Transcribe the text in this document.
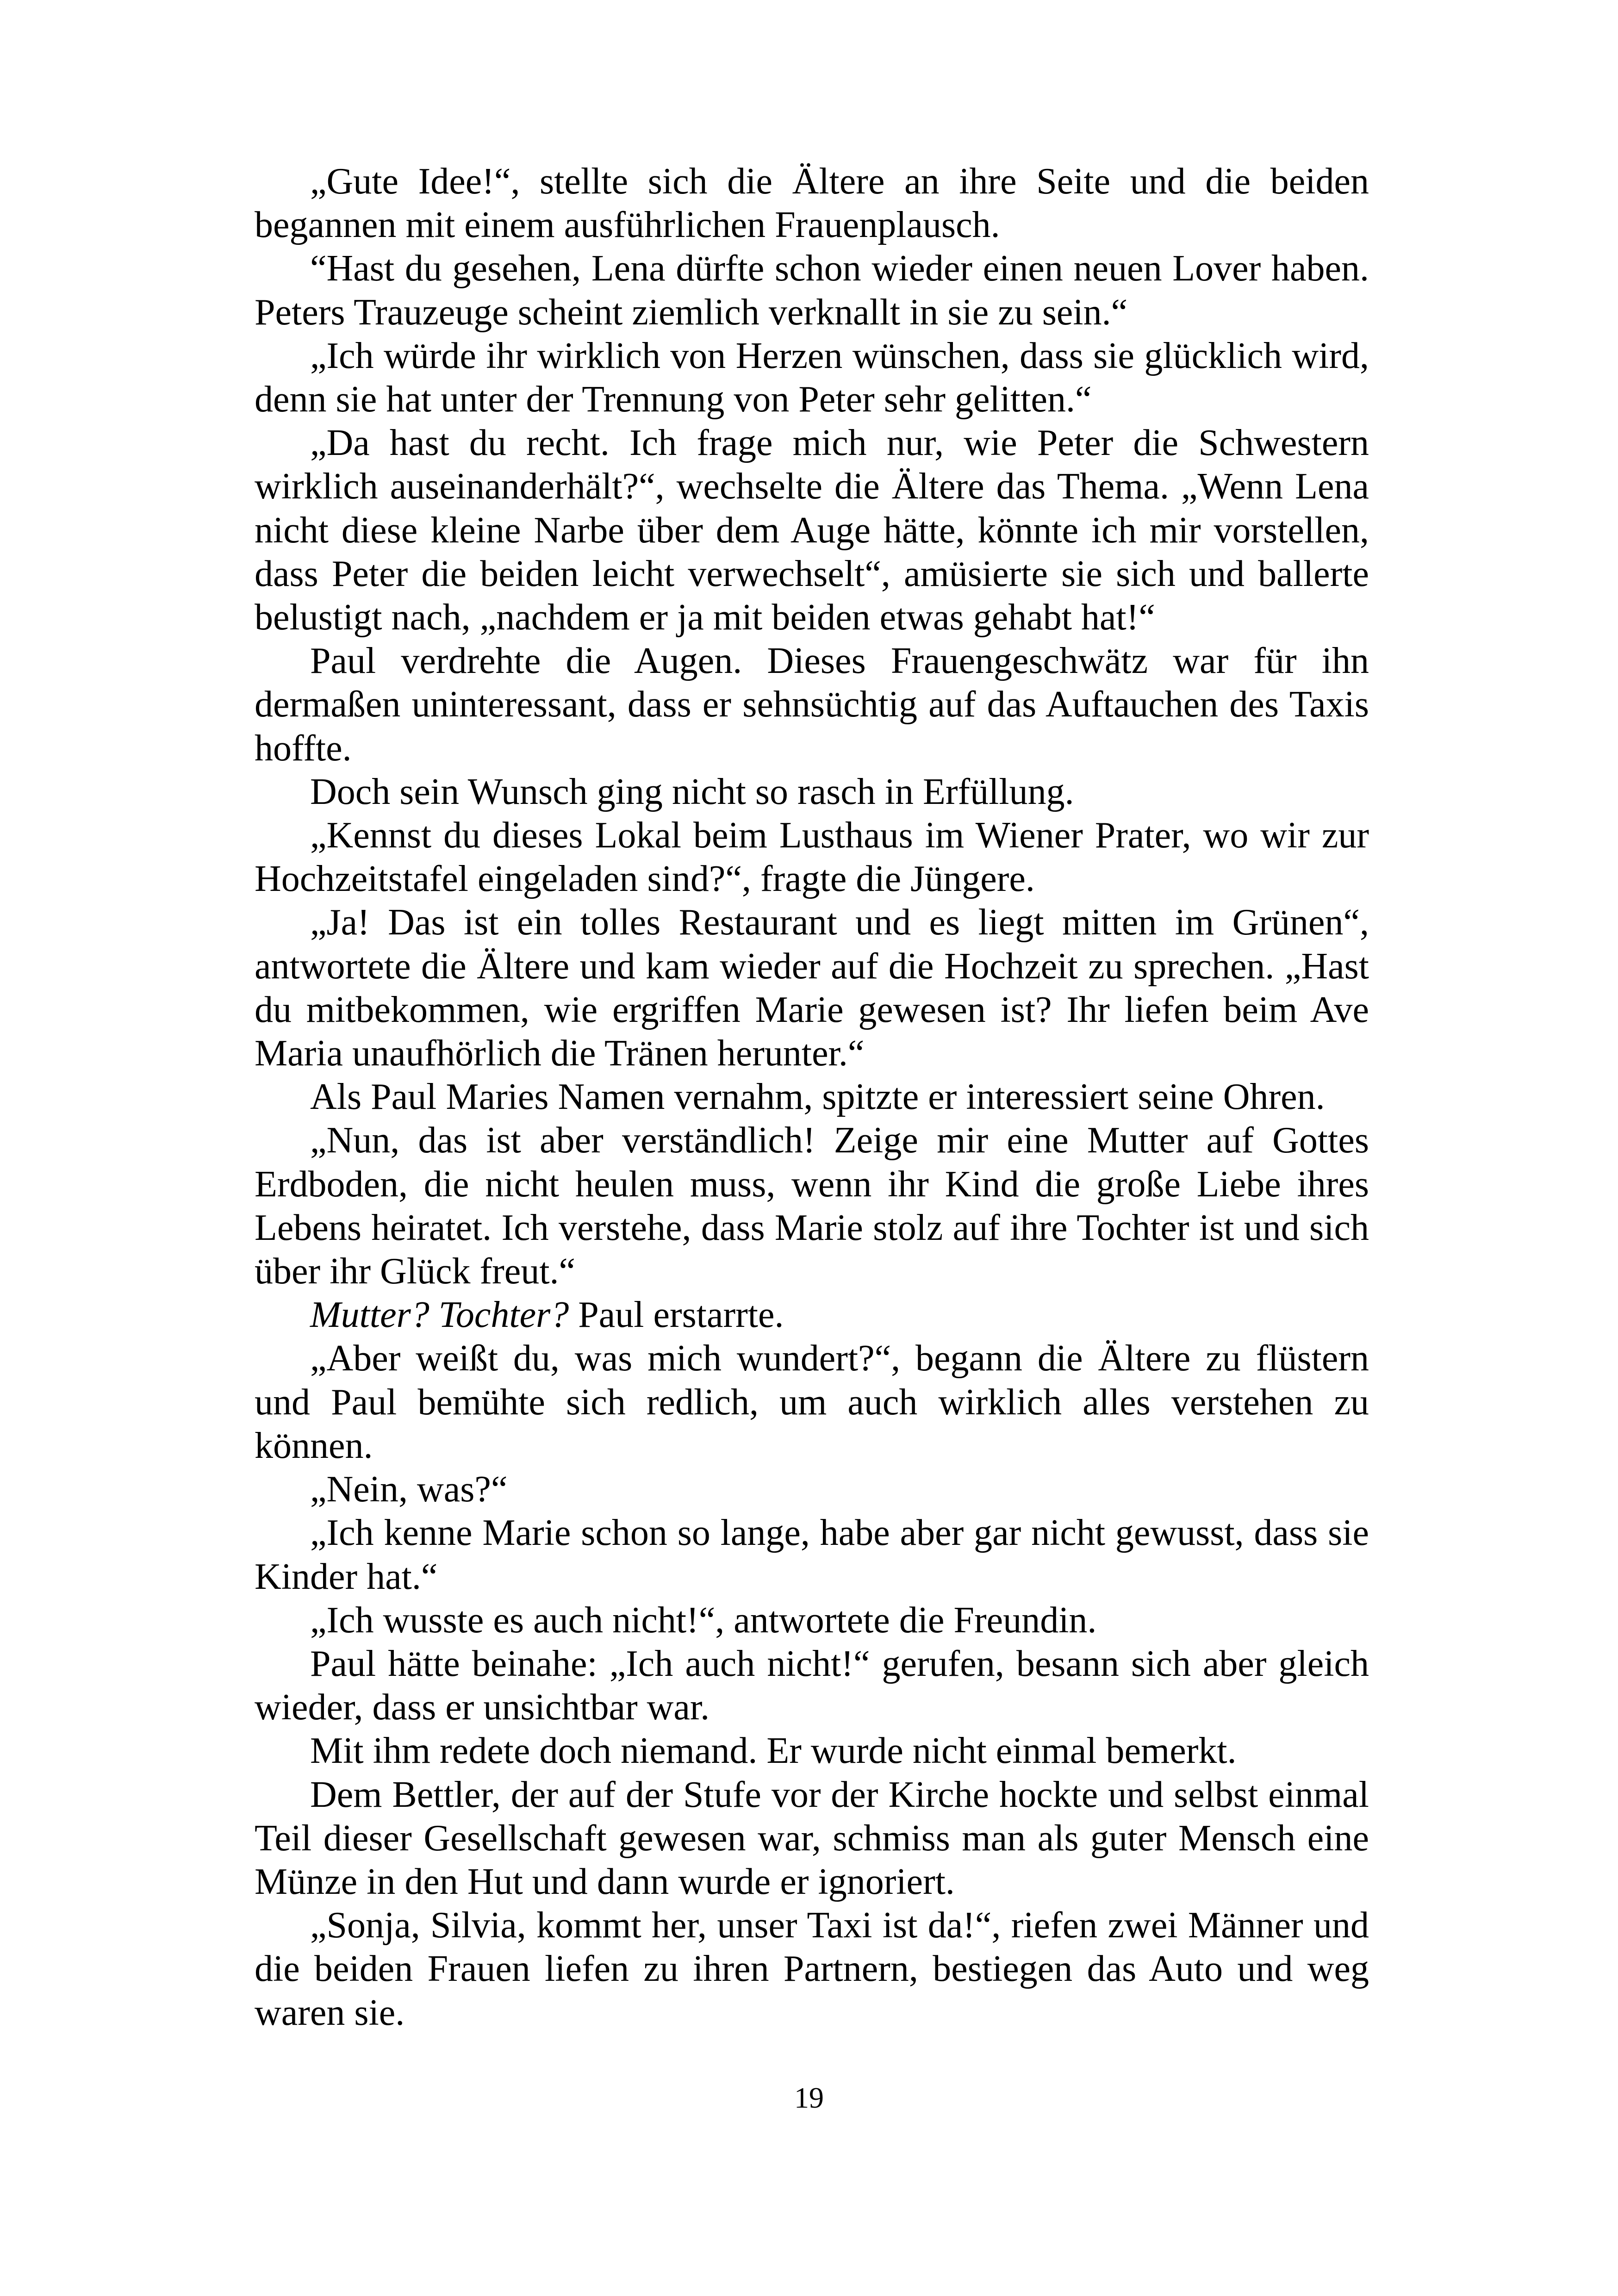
„Gute Idee!“, stellte sich die Ältere an ihre Seite und die beiden begannen mit einem ausführlichen Frauenplausch.

“Hast du gesehen, Lena dürfte schon wieder einen neuen Lover haben. Peters Trauzeuge scheint ziemlich verknallt in sie zu sein.“

„Ich würde ihr wirklich von Herzen wünschen, dass sie glücklich wird, denn sie hat unter der Trennung von Peter sehr gelitten.“

„Da hast du recht. Ich frage mich nur, wie Peter die Schwestern wirklich auseinanderhält?“, wechselte die Ältere das Thema. „Wenn Lena nicht diese kleine Narbe über dem Auge hätte, könnte ich mir vorstellen, dass Peter die beiden leicht verwechselt“, amüsierte sie sich und ballerte belustigt nach, „nachdem er ja mit beiden etwas gehabt hat!“

Paul verdrehte die Augen. Dieses Frauengeschwätz war für ihn dermaßen uninteressant, dass er sehnsüchtig auf das Auftauchen des Taxis hoffte.

Doch sein Wunsch ging nicht so rasch in Erfüllung.

„Kennst du dieses Lokal beim Lusthaus im Wiener Prater, wo wir zur Hochzeitstafel eingeladen sind?“, fragte die Jüngere.

„Ja! Das ist ein tolles Restaurant und es liegt mitten im Grünen“, antwortete die Ältere und kam wieder auf die Hochzeit zu sprechen. „Hast du mitbekommen, wie ergriffen Marie gewesen ist? Ihr liefen beim Ave Maria unaufhörlich die Tränen herunter.“

Als Paul Maries Namen vernahm, spitzte er interessiert seine Ohren.

„Nun, das ist aber verständlich! Zeige mir eine Mutter auf Gottes Erdboden, die nicht heulen muss, wenn ihr Kind die große Liebe ihres Lebens heiratet. Ich verstehe, dass Marie stolz auf ihre Tochter ist und sich über ihr Glück freut.“

Mutter? Tochter? Paul erstarrte.

„Aber weißt du, was mich wundert?“, begann die Ältere zu flüstern und Paul bemühte sich redlich, um auch wirklich alles verstehen zu können.

„Nein, was?“

„Ich kenne Marie schon so lange, habe aber gar nicht gewusst, dass sie Kinder hat.“

„Ich wusste es auch nicht!“, antwortete die Freundin.

Paul hätte beinahe: „Ich auch nicht!“ gerufen, besann sich aber gleich wieder, dass er unsichtbar war.

Mit ihm redete doch niemand. Er wurde nicht einmal bemerkt.

Dem Bettler, der auf der Stufe vor der Kirche hockte und selbst einmal Teil dieser Gesellschaft gewesen war, schmiss man als guter Mensch eine Münze in den Hut und dann wurde er ignoriert.

„Sonja, Silvia, kommt her, unser Taxi ist da!“, riefen zwei Männer und die beiden Frauen liefen zu ihren Partnern, bestiegen das Auto und weg waren sie.

19
